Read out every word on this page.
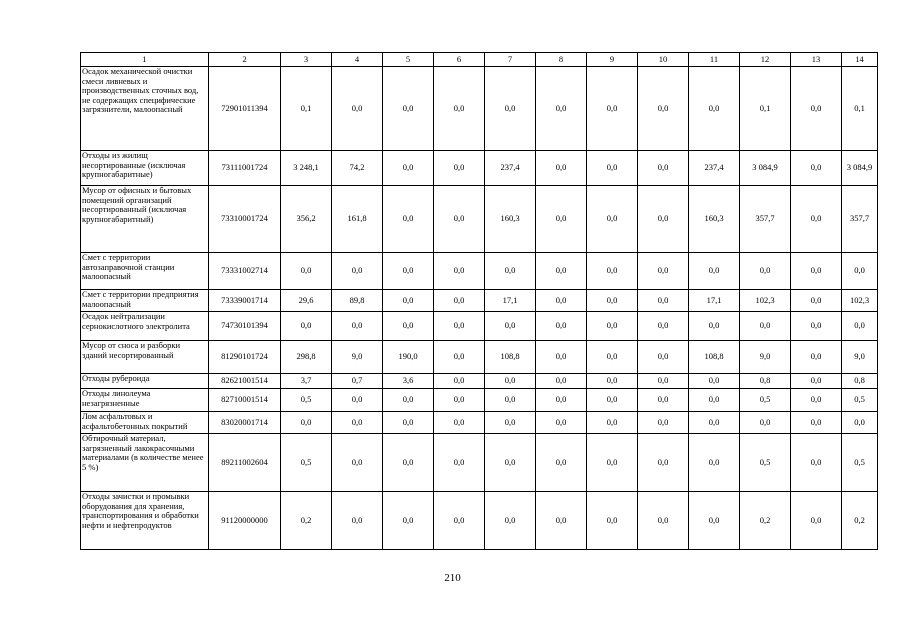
1	2	3	4	5	6	7	8	9	10	11	12	13	14
Осадок механической очистки смеси ливневых и производственных сточных вод, не содержащих специфические загрязнители, малоопасный	72901011394	0,1	0,0	0,0	0,0	0,0	0,0	0,0	0,0	0,0	0,1	0,0	0,1
Отходы из жилищ несортированные (исключая крупногабаритные)	73111001724	3 248,1	74,2	0,0	0,0	237,4	0,0	0,0	0,0	237,4	3 084,9	0,0	3 084,9
Мусор от офисных и бытовых помещений организаций несортированный (исключая крупногабаритный)	73310001724	356,2	161,8	0,0	0,0	160,3	0,0	0,0	0,0	160,3	357,7	0,0	357,7
Смет с территории автозаправочной станции малоопасный	73331002714	0,0	0,0	0,0	0,0	0,0	0,0	0,0	0,0	0,0	0,0	0,0	0,0
Смет с территории предприятия малоопасный	73339001714	29,6	89,8	0,0	0,0	17,1	0,0	0,0	0,0	17,1	102,3	0,0	102,3
Осадок нейтрализации сернокислотного электролита	74730101394	0,0	0,0	0,0	0,0	0,0	0,0	0,0	0,0	0,0	0,0	0,0	0,0
Мусор от сноса и разборки зданий несортированный	81290101724	298,8	9,0	190,0	0,0	108,8	0,0	0,0	0,0	108,8	9,0	0,0	9,0
Отходы рубероида	82621001514	3,7	0,7	3,6	0,0	0,0	0,0	0,0	0,0	0,0	0,8	0,0	0,8
Отходы линолеума незагрязненные	82710001514	0,5	0,0	0,0	0,0	0,0	0,0	0,0	0,0	0,0	0,5	0,0	0,5
Лом асфальтовых и асфальтобетонных покрытий	83020001714	0,0	0,0	0,0	0,0	0,0	0,0	0,0	0,0	0,0	0,0	0,0	0,0
Обтирочный материал, загрязненный лакокрасочными материалами (в количестве менее 5 %)	89211002604	0,5	0,0	0,0	0,0	0,0	0,0	0,0	0,0	0,0	0,5	0,0	0,5
Отходы зачистки и промывки оборудования для хранения, транспортирования и обработки нефти и нефтепродуктов	91120000000	0,2	0,0	0,0	0,0	0,0	0,0	0,0	0,0	0,0	0,2	0,0	0,2
210
